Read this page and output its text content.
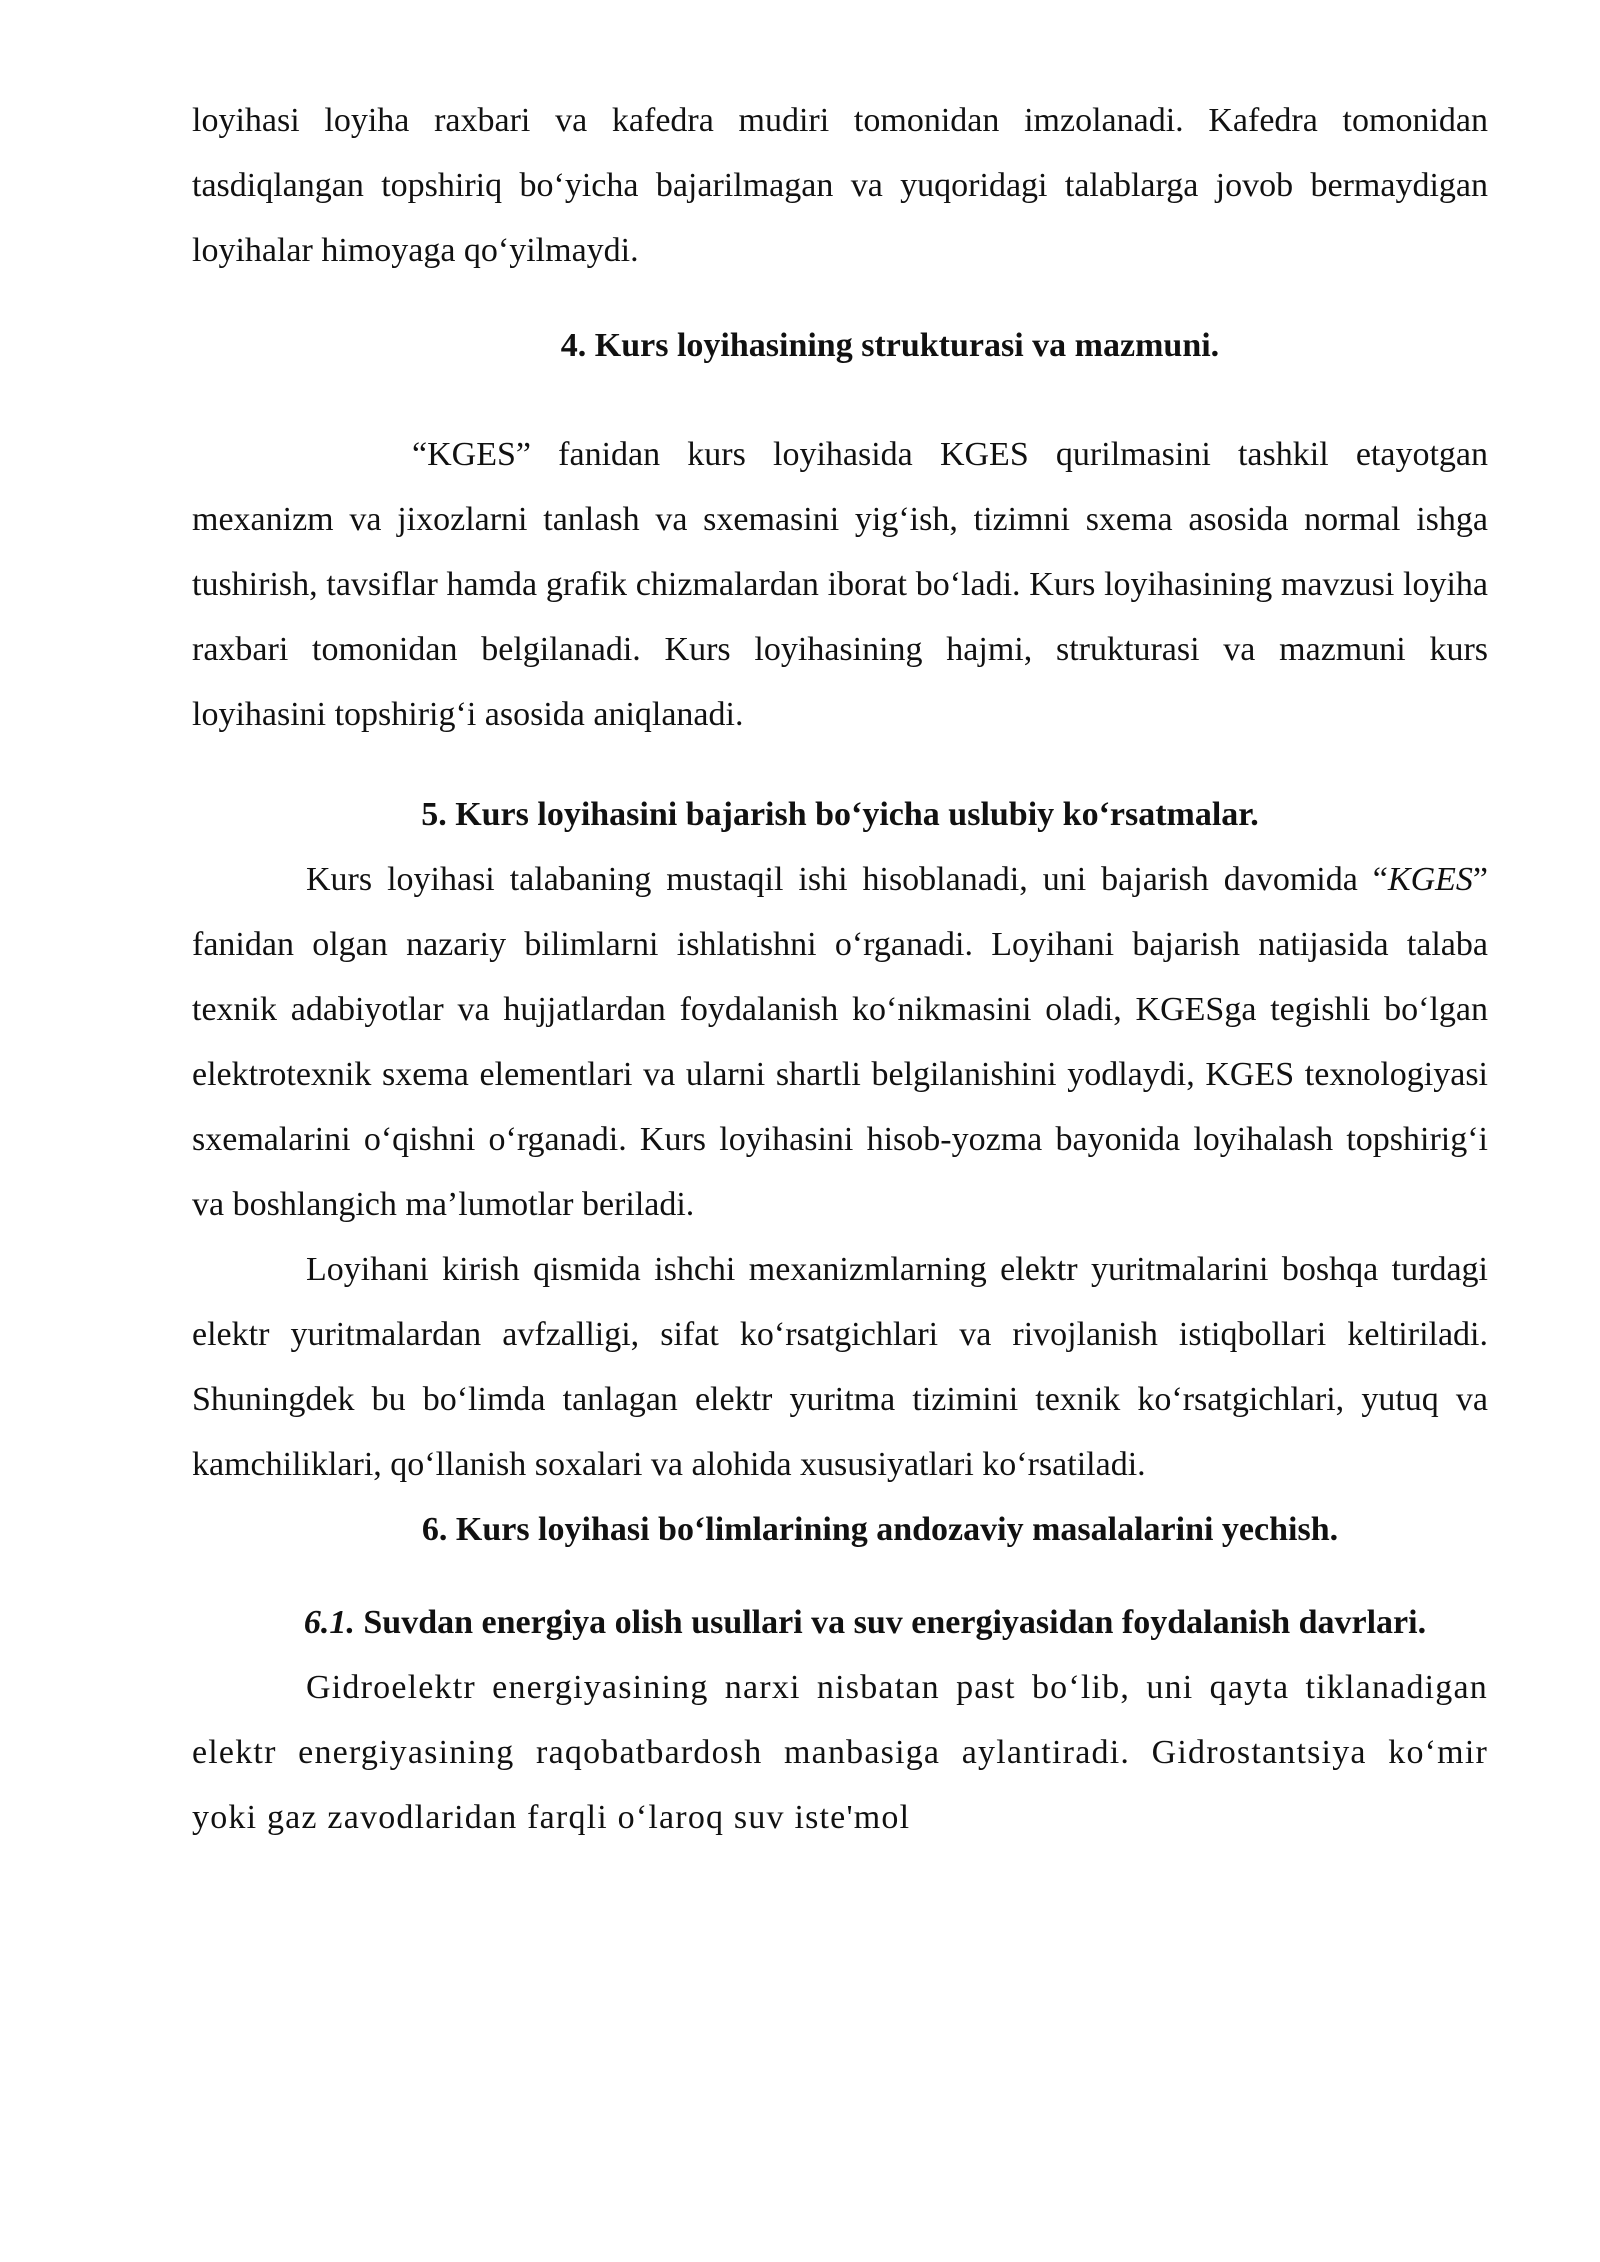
loyihasi loyiha raxbari va kafedra mudiri tomonidan imzolanadi. Kafedra tomonidan tasdiqlangan topshiriq bo‘yicha bajarilmagan va yuqoridagi talablarga jovob bermaydigan loyihalar himoyaga qo‘yilmaydi.

4. Kurs loyihasining strukturasi va mazmuni.

“KGES” fanidan kurs loyihasida KGES qurilmasini tashkil etayotgan mexanizm va jixozlarni tanlash va sxemasini yig‘ish, tizimni sxema asosida normal ishga tushirish, tavsiflar hamda grafik chizmalardan iborat bo‘ladi. Kurs loyihasining mavzusi loyiha raxbari tomonidan belgilanadi. Kurs loyihasining hajmi, strukturasi va mazmuni kurs loyihasini topshirig‘i asosida aniqlanadi.

5. Kurs loyihasini bajarish bo‘yicha uslubiy ko‘rsatmalar.

Kurs loyihasi talabaning mustaqil ishi hisoblanadi, uni bajarish davomida “KGES” fanidan olgan nazariy bilimlarni ishlatishni o‘rganadi. Loyihani bajarish natijasida talaba texnik adabiyotlar va hujjatlardan foydalanish ko‘nikmasini oladi, KGESga tegishli bo‘lgan elektrotexnik sxema elementlari va ularni shartli belgilanishini yodlaydi, KGES texnologiyasi sxemalarini o‘qishni o‘rganadi. Kurs loyihasini hisob-yozma bayonida loyihalash topshirig‘i va boshlangich ma’lumotlar beriladi.

Loyihani kirish qismida ishchi mexanizmlarning elektr yuritmalarini boshqa turdagi elektr yuritmalardan avfzalligi, sifat ko‘rsatgichlari va rivojlanish istiqbollari keltiriladi. Shuningdek bu bo‘limda tanlagan elektr yuritma tizimini texnik ko‘rsatgichlari, yutuq va kamchiliklari, qo‘llanish soxalari va alohida xususiyatlari ko‘rsatiladi.

6. Kurs loyihasi bo‘limlarining andozaviy masalalarini yechish.
6.1. Suvdan energiya olish usullari va suv energiyasidan foydalanish davrlari.

Gidroelektr energiyasining narxi nisbatan past bo‘lib, uni qayta tiklanadigan elektr energiyasining raqobatbardosh manbasiga aylantiradi. Gidrostantsiya ko‘mir yoki gaz zavodlaridan farqli o‘laroq suv iste'mol
